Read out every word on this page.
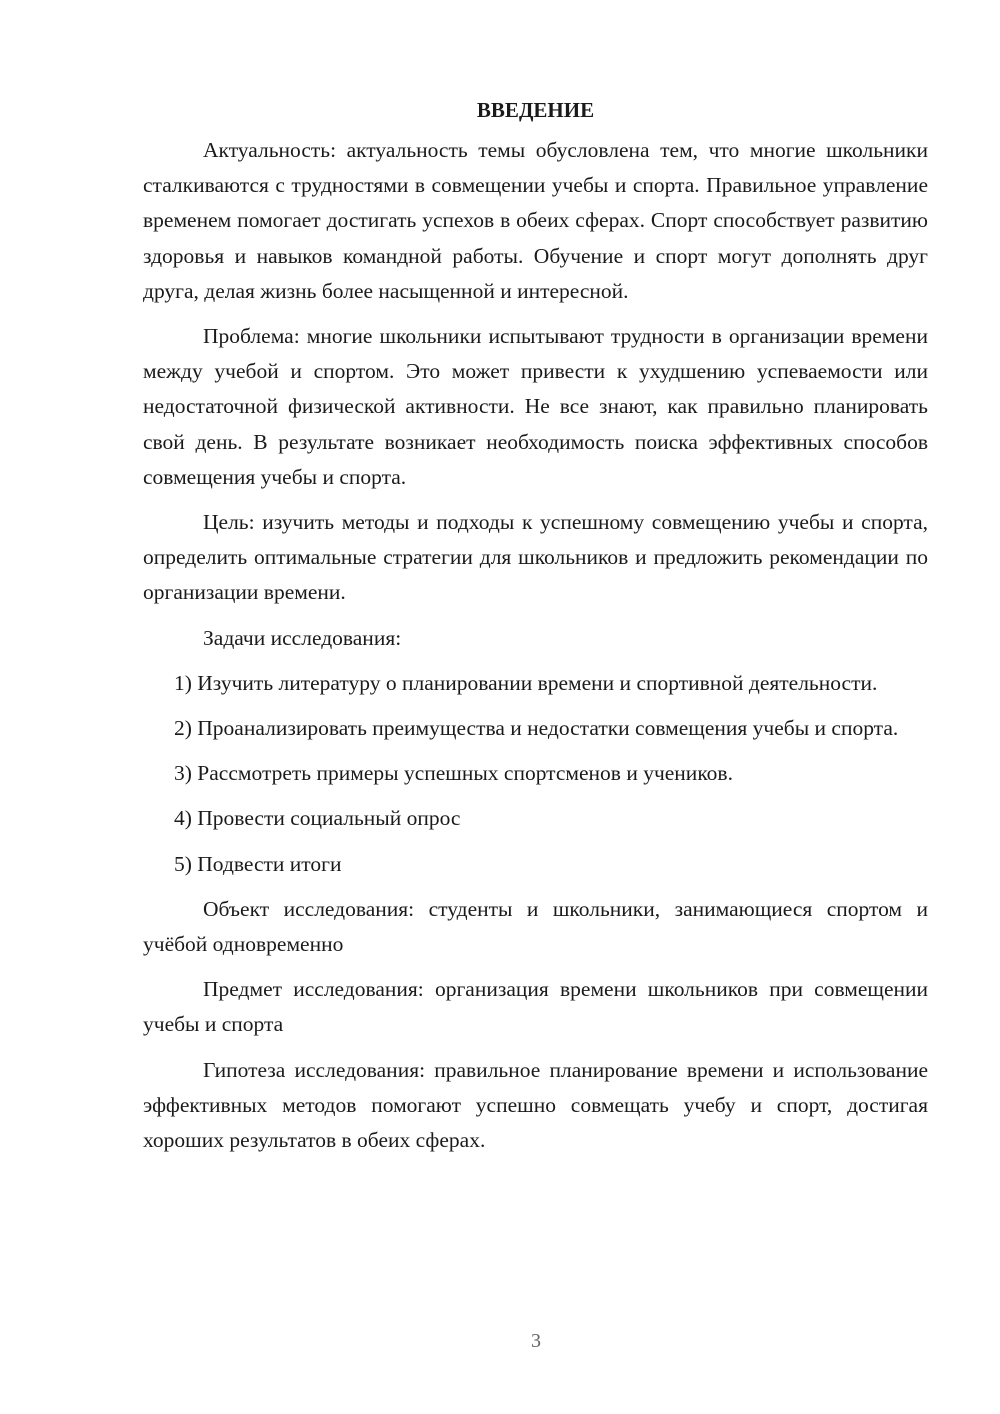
ВВЕДЕНИЕ

Актуальность: актуальность темы обусловлена тем, что многие школьники сталкиваются с трудностями в совмещении учебы и спорта. Правильное управление временем помогает достигать успехов в обеих сферах. Спорт способствует развитию здоровья и навыков командной работы. Обучение и спорт могут дополнять друг друга, делая жизнь более насыщенной и интересной.

Проблема: многие школьники испытывают трудности в организации времени между учебой и спортом. Это может привести к ухудшению успеваемости или недостаточной физической активности. Не все знают, как правильно планировать свой день. В результате возникает необходимость поиска эффективных способов совмещения учебы и спорта.

Цель: изучить методы и подходы к успешному совмещению учебы и спорта, определить оптимальные стратегии для школьников и предложить рекомендации по организации времени.

Задачи исследования:

1) Изучить литературу о планировании времени и спортивной деятельности.

2) Проанализировать преимущества и недостатки совмещения учебы и спорта.

3) Рассмотреть примеры успешных спортсменов и учеников.

4) Провести социальный опрос

5) Подвести итоги

Объект исследования: студенты и школьники, занимающиеся спортом и учёбой одновременно

Предмет исследования: организация времени школьников при совмещении учебы и спорта

Гипотеза исследования: правильное планирование времени и использование эффективных методов помогают успешно совмещать учебу и спорт, достигая хороших результатов в обеих сферах.

3
